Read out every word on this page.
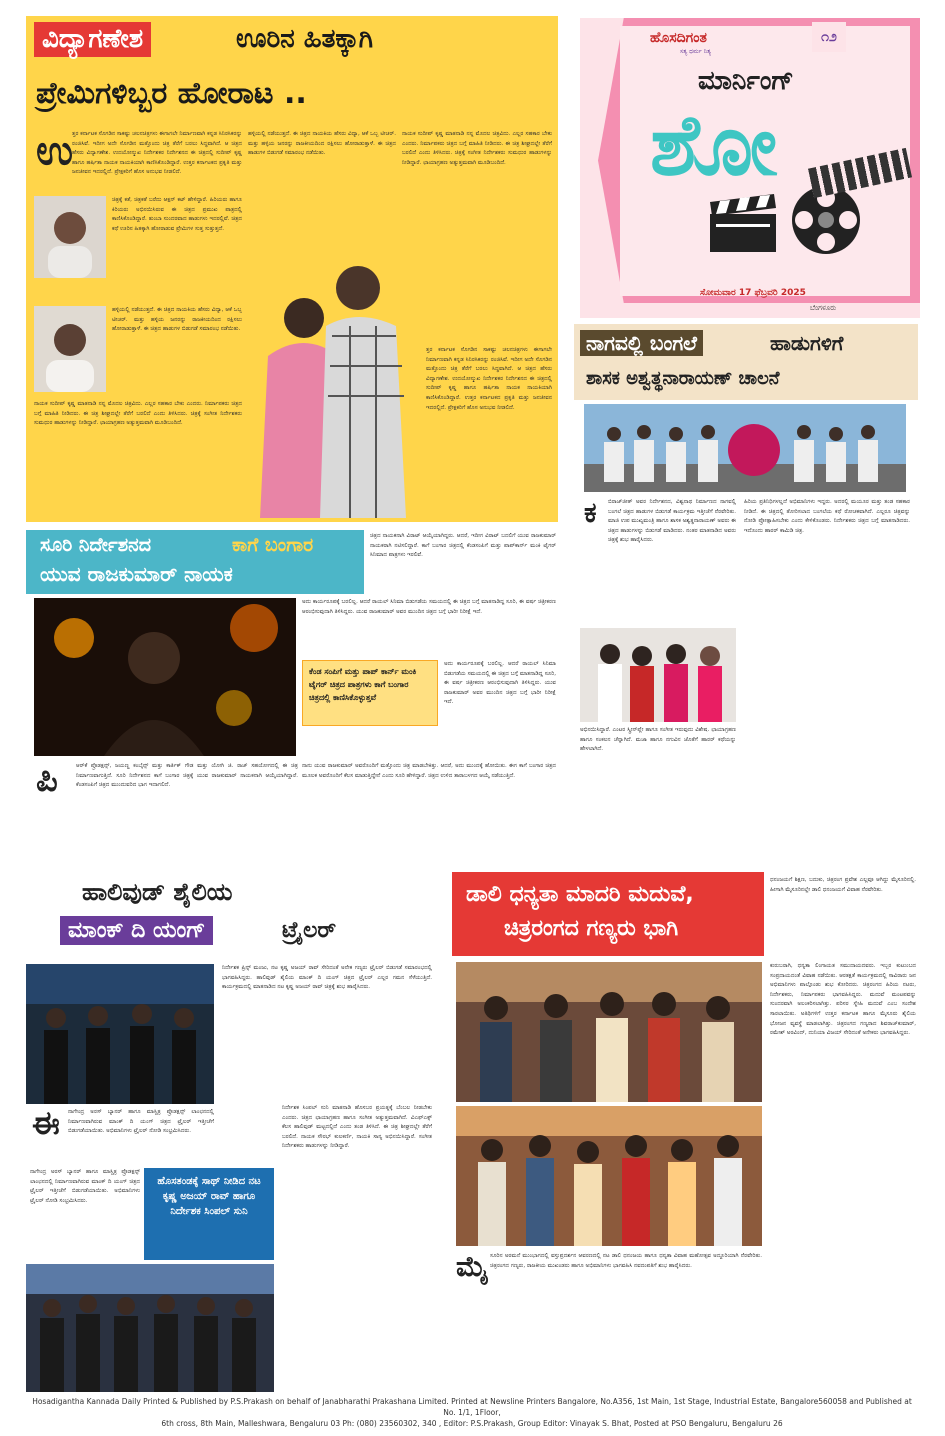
ವಿದ್ಯಾಗಣೇಶ	ಊರಿನ ಹಿತಕ್ಕಾಗಿ
ಪ್ರೇಮಿಗಳಿಬ್ಬರ ಹೋರಾಟ ..
ಉ
ತ್ತರ ಕರ್ನಾಟಕ ಸೊಗಡಿನ ಸಾಕಷ್ಟು ಚಲನಚಿತ್ರಗಳು ಈಗಾಗಲೇ ನಿರ್ಮಾಣವಾಗಿ ಕನ್ನಡ ಸಿನಿರಸಿಕರನ್ನು ರಂಜಿಸಿವೆ. ಇದೀಗ ಅದೇ ಸೊಗಡಿನ ಮತ್ತೊಂದು ಚಿತ್ರ ತೆರೆಗೆ ಬರಲು ಸಿದ್ಧವಾಗಿದೆ. ಆ ಚಿತ್ರದ ಹೆಸರು ವಿದ್ಯಾಗಣೇಶ. ಉದಯೋನ್ಮುಖ ನಿರ್ದೇಶಕರ ನಿರ್ದೇಶನದ ಈ ಚಿತ್ರದಲ್ಲಿ ಸುದೀಪ್ ಕೃಷ್ಣ ಹಾಗೂ ಹರ್ಷಿತಾ ನಾಯಕ ನಾಯಕಿಯಾಗಿ ಕಾಣಿಸಿಕೊಂಡಿದ್ದಾರೆ. ಉತ್ತರ ಕರ್ನಾಟಕದ ಪ್ರಕೃತಿ ಮತ್ತು ಜನಜೀವನ ಇದರಲ್ಲಿದೆ. ಪ್ರೇಕ್ಷಕರಿಗೆ ಹೊಸ ಅನುಭವ ನೀಡಲಿದೆ.
ಚಿತ್ರಕ್ಕೆ ಕತೆ, ಚಿತ್ರಕತೆ ಬರೆದು ಆಕ್ಷನ್ ಕಟ್ ಹೇಳಿದ್ದಾರೆ. ಹಿರಿಯರು ಹಾಗೂ ಕಿರಿಯರು ಅಭಿನಯಿಸಿರುವ ಈ ಚಿತ್ರದ ಪ್ರಮುಖ ಪಾತ್ರದಲ್ಲಿ ಕಾಣಿಸಿಕೊಂಡಿದ್ದಾರೆ. ತುಂಬಾ ಸುಂದರವಾದ ಹಾಡುಗಳು ಇದರಲ್ಲಿವೆ. ಚಿತ್ರದ ಕಥೆ ಊರಿನ ಹಿತಕ್ಕಾಗಿ ಹೋರಾಡುವ ಪ್ರೇಮಿಗಳ ಸುತ್ತ ಸುತ್ತುತ್ತದೆ.
ಹಳ್ಳಿಯಲ್ಲಿ ನಡೆಯುತ್ತದೆ. ಈ ಚಿತ್ರದ ನಾಯಕಿಯ ಹೆಸರು ವಿದ್ಯಾ, ಆಕೆ ಒಬ್ಬ ಟೀಚರ್. ಮತ್ತು ಹಳ್ಳಿಯ ಜನರನ್ನು ರಾಜಕೀಯದಿಂದ ರಕ್ಷಿಸಲು ಹೋರಾಡುತ್ತಾಳೆ. ಈ ಚಿತ್ರದ ಹಾಡುಗಳ ಬಿಡುಗಡೆ ಸಮಾರಂಭ ನಡೆಯಿತು.
ನಾಯಕ ಸುದೀಪ್ ಕೃಷ್ಣ ಮಾತನಾಡಿ ನನ್ನ ಮೊದಲ ಚಿತ್ರವಿದು. ಎಲ್ಲರ ಸಹಕಾರ ಬೇಕು ಎಂದರು. ನಿರ್ಮಾಪಕರು ಚಿತ್ರದ ಬಗ್ಗೆ ಮಾಹಿತಿ ನೀಡಿದರು. ಈ ಚಿತ್ರ ಶೀಘ್ರದಲ್ಲೇ ತೆರೆಗೆ ಬರಲಿದೆ ಎಂದು ತಿಳಿಸಿದರು. ಚಿತ್ರಕ್ಕೆ ಸಂಗೀತ ನಿರ್ದೇಶಕರು ಸುಮಧುರ ಹಾಡುಗಳನ್ನು ನೀಡಿದ್ದಾರೆ. ಛಾಯಾಗ್ರಹಣ ಅತ್ಯುತ್ತಮವಾಗಿ ಮೂಡಿಬಂದಿದೆ.
ಹಳ್ಳಿಯಲ್ಲಿ ನಡೆಯುತ್ತದೆ. ಈ ಚಿತ್ರದ ನಾಯಕಿಯ ಹೆಸರು ವಿದ್ಯಾ, ಆಕೆ ಒಬ್ಬ ಟೀಚರ್. ಮತ್ತು ಹಳ್ಳಿಯ ಜನರನ್ನು ರಾಜಕೀಯದಿಂದ ರಕ್ಷಿಸಲು ಹೋರಾಡುತ್ತಾಳೆ. ಈ ಚಿತ್ರದ ಹಾಡುಗಳ ಬಿಡುಗಡೆ ಸಮಾರಂಭ ನಡೆಯಿತು.
ನಾಯಕ ಸುದೀಪ್ ಕೃಷ್ಣ ಮಾತನಾಡಿ ನನ್ನ ಮೊದಲ ಚಿತ್ರವಿದು. ಎಲ್ಲರ ಸಹಕಾರ ಬೇಕು ಎಂದರು. ನಿರ್ಮಾಪಕರು ಚಿತ್ರದ ಬಗ್ಗೆ ಮಾಹಿತಿ ನೀಡಿದರು. ಈ ಚಿತ್ರ ಶೀಘ್ರದಲ್ಲೇ ತೆರೆಗೆ ಬರಲಿದೆ ಎಂದು ತಿಳಿಸಿದರು. ಚಿತ್ರಕ್ಕೆ ಸಂಗೀತ ನಿರ್ದೇಶಕರು ಸುಮಧುರ ಹಾಡುಗಳನ್ನು ನೀಡಿದ್ದಾರೆ. ಛಾಯಾಗ್ರಹಣ ಅತ್ಯುತ್ತಮವಾಗಿ ಮೂಡಿಬಂದಿದೆ.
ತ್ತರ ಕರ್ನಾಟಕ ಸೊಗಡಿನ ಸಾಕಷ್ಟು ಚಲನಚಿತ್ರಗಳು ಈಗಾಗಲೇ ನಿರ್ಮಾಣವಾಗಿ ಕನ್ನಡ ಸಿನಿರಸಿಕರನ್ನು ರಂಜಿಸಿವೆ. ಇದೀಗ ಅದೇ ಸೊಗಡಿನ ಮತ್ತೊಂದು ಚಿತ್ರ ತೆರೆಗೆ ಬರಲು ಸಿದ್ಧವಾಗಿದೆ. ಆ ಚಿತ್ರದ ಹೆಸರು ವಿದ್ಯಾಗಣೇಶ. ಉದಯೋನ್ಮುಖ ನಿರ್ದೇಶಕರ ನಿರ್ದೇಶನದ ಈ ಚಿತ್ರದಲ್ಲಿ ಸುದೀಪ್ ಕೃಷ್ಣ ಹಾಗೂ ಹರ್ಷಿತಾ ನಾಯಕ ನಾಯಕಿಯಾಗಿ ಕಾಣಿಸಿಕೊಂಡಿದ್ದಾರೆ. ಉತ್ತರ ಕರ್ನಾಟಕದ ಪ್ರಕೃತಿ ಮತ್ತು ಜನಜೀವನ ಇದರಲ್ಲಿದೆ. ಪ್ರೇಕ್ಷಕರಿಗೆ ಹೊಸ ಅನುಭವ ನೀಡಲಿದೆ.
ಹೊಸದಿಗಂತ
ಸತ್ಯ ಧರ್ಮ ನಿತ್ಯ
೧೨
ಮಾರ್ನಿಂಗ್
ಶೋ
ಸೋಮವಾರ 17 ಫೆಬ್ರವರಿ 2025
ಬೆಂಗಳೂರು
ನಾಗವಲ್ಲಿ ಬಂಗಲೆ	ಹಾಡುಗಳಿಗೆ
ಶಾಸಕ ಅಶ್ವತ್ಥನಾರಾಯಣ್ ಚಾಲನೆ
ಕ ಬಿರಾಜ್‌ಜೀತ್ ಅವರ ನಿರ್ದೇಶನದ, ವಿಶ್ವನಾಥ ನಿರ್ಮಾಣದ ನಾಗವಲ್ಲಿ ಬಂಗಲೆ ಚಿತ್ರದ ಹಾಡುಗಳ ಬಿಡುಗಡೆ ಕಾರ್ಯಕ್ರಮ ಇತ್ತೀಚೆಗೆ ನೆರವೇರಿತು. ಮಾಜಿ ಉಪ ಮುಖ್ಯಮಂತ್ರಿ ಹಾಗೂ ಶಾಸಕ ಅಶ್ವತ್ಥನಾರಾಯಣ್ ಅವರು ಈ ಚಿತ್ರದ ಹಾಡುಗಳನ್ನು ಬಿಡುಗಡೆ ಮಾಡಿದರು. ನಂತರ ಮಾತನಾಡಿದ ಅವರು ಚಿತ್ರಕ್ಕೆ ಶುಭ ಹಾರೈಸಿದರು.
ಅಭಿನಯಿಸಿದ್ದಾರೆ. ಎಂಟರ ಸ್ಕ್ರೀನ್‌ಪ್ಲೇ ಹಾಗೂ ಸಂಗೀತ ಇರುವುದು ವಿಶೇಷ. ಛಾಯಾಗ್ರಹಣ ಹಾಗೂ ಸಂಕಲನ ಚೆನ್ನಾಗಿದೆ. ಮಜಾ ಹಾಗೂ ನಗುವಿನ ಜೊತೆಗೆ ಹಾರರ್ ಕಥೆಯನ್ನು ಹೇಳಲಾಗಿದೆ.
ಹಿರಿಯ ಪ್ರತಿನಿಧಿಗಳಲ್ಲದೆ ಅಭಿಮಾನಿಗಳು ಇದ್ದರು. ಅದರಲ್ಲಿ ಮಯೂರ ಮತ್ತು ತಂಡ ಸಹಕಾರ ನೀಡಿದೆ. ಈ ಚಿತ್ರದಲ್ಲಿ ತೋರಿಸಲಾದ ಬಂಗಲೆಯ ಕಥೆ ರೋಚಕವಾಗಿದೆ. ಎಲ್ಲರೂ ಚಿತ್ರವನ್ನು ನೋಡಿ ಪ್ರೋತ್ಸಾಹಿಸಬೇಕು ಎಂದು ಕೇಳಿಕೊಂಡರು. ನಿರ್ದೇಶಕರು ಚಿತ್ರದ ಬಗ್ಗೆ ಮಾತನಾಡಿದರು. ಇದೊಂದು ಹಾರರ್ ಕಾಮಿಡಿ ಚಿತ್ರ.
ಸೂರಿ ನಿರ್ದೇಶನದ	ಕಾಗೆ ಬಂಗಾರ
ಯುವ ರಾಜಕುಮಾರ್ ನಾಯಕ
ಚಿತ್ರದ ನಾಯಕನಾಗಿ ವಿರಾಟ್ ಆಯ್ಕೆಯಾಗಿದ್ದರು. ಆದರೆ, ಇದೀಗ ವಿರಾಟ್ ಬದಲಿಗೆ ಯುವ ರಾಜಕುಮಾರ್ ನಾಯಕರಾಗಿ ನಟಿಸಲಿದ್ದಾರೆ. ಕಾಗೆ ಬಂಗಾರ ಚಿತ್ರದಲ್ಲಿ ಕೆಂಡಸಂಪಿಗೆ ಮತ್ತು ಪಾಪ್‌ಕಾರ್ನ್ ಮಂಕಿ ಟೈಗರ್ ಸಿನಿಮಾದ ಪಾತ್ರಗಳು ಇರಲಿವೆ.
ಕೆಂಡ ಸಂಪಿಗೆ ಮತ್ತು ಪಾಪ್ ಕಾರ್ನ್ ಮಂಕಿ ಟೈಗರ್ ಚಿತ್ರದ ಪಾತ್ರಗಳು ಕಾಗೆ ಬಂಗಾರ ಚಿತ್ರದಲ್ಲಿ ಕಾಣಿಸಿಕೊಳ್ಳುತ್ತವೆ
ಅದು ಕಾರ್ಯರೂಪಕ್ಕೆ ಬರಲಿಲ್ಲ. ಆದರೆ ರಾಯಲ್ ಸಿನಿಮಾ ಬಿಡುಗಡೆಯ ಸಮಯದಲ್ಲಿ ಈ ಚಿತ್ರದ ಬಗ್ಗೆ ಮಾತನಾಡಿದ್ದ ಸೂರಿ, ಈ ವರ್ಷ ಚಿತ್ರೀಕರಣ ಆರಂಭಿಸುವುದಾಗಿ ತಿಳಿಸಿದ್ದರು. ಯುವ ರಾಜಕುಮಾರ್ ಅವರ ಮುಂದಿನ ಚಿತ್ರದ ಬಗ್ಗೆ ಭಾರೀ ನಿರೀಕ್ಷೆ ಇದೆ.
ಅದು ಕಾರ್ಯರೂಪಕ್ಕೆ ಬರಲಿಲ್ಲ. ಆದರೆ ರಾಯಲ್ ಸಿನಿಮಾ ಬಿಡುಗಡೆಯ ಸಮಯದಲ್ಲಿ ಈ ಚಿತ್ರದ ಬಗ್ಗೆ ಮಾತನಾಡಿದ್ದ ಸೂರಿ, ಈ ವರ್ಷ ಚಿತ್ರೀಕರಣ ಆರಂಭಿಸುವುದಾಗಿ ತಿಳಿಸಿದ್ದರು. ಯುವ ರಾಜಕುಮಾರ್ ಅವರ ಮುಂದಿನ ಚಿತ್ರದ ಬಗ್ಗೆ ಭಾರೀ ನಿರೀಕ್ಷೆ ಇದೆ.
ಪಿ	ಆರ್‌ಕೆ ಪ್ರೊಡಕ್ಷನ್ಸ್, ಜಯಣ್ಣ ಕಂಬೈನ್ಸ್ ಮತ್ತು ಕಾರ್ತಿಕ್ ಗೌಡ ಮತ್ತು ಯೋಗಿ ಜಿ. ರಾಜ್ ಸಹಯೋಗದಲ್ಲಿ ಈ ಚಿತ್ರ ನಿರ್ಮಾಣವಾಗುತ್ತಿದೆ. ಸೂರಿ ನಿರ್ದೇಶನದ ಕಾಗೆ ಬಂಗಾರ ಚಿತ್ರಕ್ಕೆ ಯುವ ರಾಜಕುಮಾರ್ ನಾಯಕನಾಗಿ ಆಯ್ಕೆಯಾಗಿದ್ದಾರೆ. ಕೆಂಡಸಂಪಿಗೆ ಚಿತ್ರದ ಮುಂದುವರಿದ ಭಾಗ ಇದಾಗಲಿದೆ.
ನಾನು ಯುವ ರಾಜಕುಮಾರ್ ಅವರೊಂದಿಗೆ ಮತ್ತೊಂದು ಚಿತ್ರ ಮಾಡಬೇಕಿತ್ತು. ಆದರೆ, ಅದು ಮುಂದಕ್ಕೆ ಹೋಯಿತು. ಈಗ ಕಾಗೆ ಬಂಗಾರ ಚಿತ್ರದ ಮೂಲಕ ಅವರೊಂದಿಗೆ ಕೆಲಸ ಮಾಡುತ್ತಿದ್ದೇನೆ ಎಂದು ಸೂರಿ ಹೇಳಿದ್ದಾರೆ. ಚಿತ್ರದ ಉಳಿದ ತಾರಾಬಳಗದ ಆಯ್ಕೆ ನಡೆಯುತ್ತಿದೆ.
ಹಾಲಿವುಡ್ ಶೈಲಿಯ
ಮಾಂಕ್ ದಿ ಯಂಗ್	ಟ್ರೈಲರ್
ನಿರ್ದೇಶಕ ಪ್ರಿನ್ಸ್ ಮಂಜು, ನಟ ಕೃಷ್ಣ ಅಜಯ್ ರಾವ್ ಸೇರಿದಂತೆ ಅನೇಕ ಗಣ್ಯರು ಟ್ರೈಲರ್ ಬಿಡುಗಡೆ ಸಮಾರಂಭದಲ್ಲಿ ಭಾಗವಹಿಸಿದ್ದರು. ಹಾಲಿವುಡ್ ಶೈಲಿಯ ಮಾಂಕ್ ದಿ ಯಂಗ್ ಚಿತ್ರದ ಟ್ರೈಲರ್ ಎಲ್ಲರ ಗಮನ ಸೆಳೆಯುತ್ತಿದೆ. ಕಾರ್ಯಕ್ರಮದಲ್ಲಿ ಮಾತನಾಡಿದ ನಟ ಕೃಷ್ಣ ಅಜಯ್ ರಾವ್ ಚಿತ್ರಕ್ಕೆ ಶುಭ ಹಾರೈಸಿದರು.
ಈ ನಾಗೇಂದ್ರ ಅರಸ್ ಬ್ಯಾನರ್ ಹಾಗೂ ಮಾಸ್ಚಿತ್ರ ಪ್ರೊಡಕ್ಷನ್ಸ್ ಲಾಂಛನದಲ್ಲಿ ನಿರ್ಮಾಣವಾಗಿರುವ ಮಾಂಕ್ ದಿ ಯಂಗ್ ಚಿತ್ರದ ಟ್ರೈಲರ್ ಇತ್ತೀಚೆಗೆ ಬಿಡುಗಡೆಯಾಯಿತು. ಅಭಿಮಾನಿಗಳು ಟ್ರೈಲರ್ ನೋಡಿ ಸಂಭ್ರಮಿಸಿದರು.
ಹೊಸತಂಡಕ್ಕೆ ಸಾಥ್ ನೀಡಿದ ನಟ ಕೃಷ್ಣ ಅಜಯ್ ರಾವ್ ಹಾಗೂ ನಿರ್ದೇಶಕ ಸಿಂಪಲ್ ಸುನಿ
ನಾಗೇಂದ್ರ ಅರಸ್ ಬ್ಯಾನರ್ ಹಾಗೂ ಮಾಸ್ಚಿತ್ರ ಪ್ರೊಡಕ್ಷನ್ಸ್ ಲಾಂಛನದಲ್ಲಿ ನಿರ್ಮಾಣವಾಗಿರುವ ಮಾಂಕ್ ದಿ ಯಂಗ್ ಚಿತ್ರದ ಟ್ರೈಲರ್ ಇತ್ತೀಚೆಗೆ ಬಿಡುಗಡೆಯಾಯಿತು. ಅಭಿಮಾನಿಗಳು ಟ್ರೈಲರ್ ನೋಡಿ ಸಂಭ್ರಮಿಸಿದರು.
ನಿರ್ದೇಶಕ ಸಿಂಪಲ್ ಸುನಿ ಮಾತನಾಡಿ ಹೊಸಬರ ಪ್ರಯತ್ನಕ್ಕೆ ಬೆಂಬಲ ನೀಡಬೇಕು ಎಂದರು. ಚಿತ್ರದ ಛಾಯಾಗ್ರಹಣ ಹಾಗೂ ಸಂಗೀತ ಅತ್ಯುತ್ತಮವಾಗಿದೆ. ವಿಎಫ್‌ಎಕ್ಸ್ ಕೆಲಸ ಹಾಲಿವುಡ್ ಮಟ್ಟದಲ್ಲಿದೆ ಎಂದು ತಂಡ ತಿಳಿಸಿದೆ. ಈ ಚಿತ್ರ ಶೀಘ್ರದಲ್ಲೇ ತೆರೆಗೆ ಬರಲಿದೆ. ನಾಯಕ ಸೌರಭ್ ಕುಲಕರ್ಣಿ, ನಾಯಕಿ ಸಾನ್ಯ ಅಭಿನಯಿಸಿದ್ದಾರೆ. ಸಂಗೀತ ನಿರ್ದೇಶಕರು ಹಾಡುಗಳನ್ನು ನೀಡಿದ್ದಾರೆ.
ಡಾಲಿ ಧನ್ಯತಾ ಮಾದರಿ ಮದುವೆ,
ಚಿತ್ರರಂಗದ ಗಣ್ಯರು ಭಾಗಿ
ಧನಂಜಯಗೆ ಶಿಕ್ಷಣ, ಬದುಕು, ಚಿತ್ರರಂಗ ಪ್ರವೇಶ ಎಲ್ಲವೂ ಆಗಿದ್ದು ಮೈಸೂರಿನಲ್ಲಿ. ಹೀಗಾಗಿ ಮೈಸೂರಿನಲ್ಲೇ ಡಾಲಿ ಧನಂಜಯಗೆ ವಿವಾಹ ನೆರವೇರಿತು.
ಮೈ ಸೂರಿನ ಅರಮನೆ ಮುಂಭಾಗದಲ್ಲಿ ವಸ್ತುಪ್ರದರ್ಶನ ಆವರಣದಲ್ಲಿ ನಟ ಡಾಲಿ ಧನಂಜಯ ಹಾಗೂ ಧನ್ಯತಾ ವಿವಾಹ ಮಹೋತ್ಸವ ಅದ್ದೂರಿಯಾಗಿ ನೆರವೇರಿತು. ಚಿತ್ರರಂಗದ ಗಣ್ಯರು, ರಾಜಕೀಯ ಮುಖಂಡರು ಹಾಗೂ ಅಭಿಮಾನಿಗಳು ಭಾಗವಹಿಸಿ ನವದಂಪತಿಗೆ ಶುಭ ಹಾರೈಸಿದರು.
ಕುರುಬರಾಗಿ, ಧನ್ಯತಾ ಲಿಂಗಾಯತ ಸಮುದಾಯದವರು. ಇಬ್ಬರ ಕುಟುಂಬದ ಸಂಪ್ರದಾಯದಂತೆ ವಿವಾಹ ನಡೆಯಿತು. ಆರತಕ್ಷತೆ ಕಾರ್ಯಕ್ರಮದಲ್ಲಿ ಸಾವಿರಾರು ಜನ ಅಭಿಮಾನಿಗಳು ಪಾಲ್ಗೊಂಡು ಶುಭ ಕೋರಿದರು. ಚಿತ್ರರಂಗದ ಹಿರಿಯ ನಟರು, ನಿರ್ದೇಶಕರು, ನಿರ್ಮಾಪಕರು ಭಾಗವಹಿಸಿದ್ದರು. ಮದುವೆ ಮಂಟಪವನ್ನು ಸುಂದರವಾಗಿ ಅಲಂಕರಿಸಲಾಗಿತ್ತು. ಪರಿಸರ ಸ್ನೇಹಿ ಮದುವೆ ಎಂಬ ಸಂದೇಶ ಸಾರಲಾಯಿತು. ಅತಿಥಿಗಳಿಗೆ ಉತ್ತರ ಕರ್ನಾಟಕ ಹಾಗೂ ಮೈಸೂರು ಶೈಲಿಯ ಭೋಜನ ವ್ಯವಸ್ಥೆ ಮಾಡಲಾಗಿತ್ತು. ಚಿತ್ರರಂಗದ ಗಣ್ಯರಾದ ಶಿವರಾಜ್‌ಕುಮಾರ್, ರಮೇಶ್ ಅರವಿಂದ್, ದುನಿಯಾ ವಿಜಯ್ ಸೇರಿದಂತೆ ಅನೇಕರು ಭಾಗವಹಿಸಿದ್ದರು.
Hosadigantha Kannada Daily Printed & Published by P.S.Prakash on behalf of Janabharathi Prakashana Limited. Printed at Newsline Printers Bangalore, No.A356, 1st Main, 1st Stage, Industrial Estate, Bangalore560058 and Published at No. 1/1, 1Floor,
6th cross, 8th Main, Malleshwara, Bengaluru 03 Ph: (080) 23560302, 340 , Editor: P.S.Prakash, Group Editor: Vinayak S. Bhat, Posted at PSO Bengaluru, Bengaluru 26
